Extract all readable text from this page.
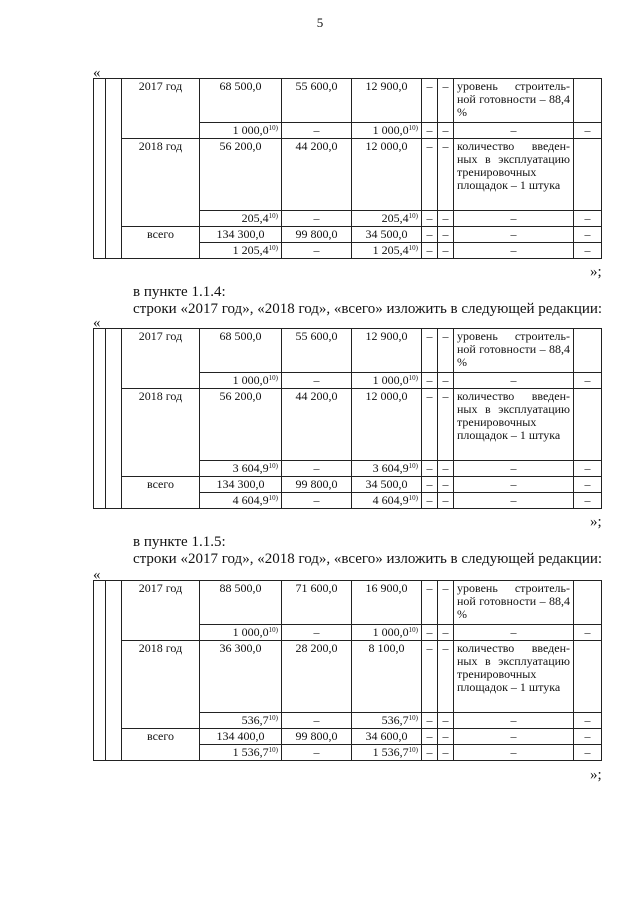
5
«
		2017 год	68 500,0	55 600,0	12 900,0	–	–	уровень строительной готовности – 88,4 %	
			1 000,0$^{10)}$	–	1 000,0$^{10)}$	–	–	–	–
		2018 год	56 200,0	44 200,0	12 000,0	–	–	количество введенных в эксплуатацию тренировочных площадок – 1 штука	
			205,4$^{10)}$	–	205,4$^{10)}$	–	–	–	–
		всего	134 300,0	99 800,0	34 500,0	–	–	–	–
			1 205,4$^{10)}$	–	1 205,4$^{10)}$	–	–	–	–
»;
в пункте 1.1.4:
строки «2017 год», «2018 год», «всего» изложить в следующей редакции:
«
		2017 год	68 500,0	55 600,0	12 900,0	–	–	уровень строительной готовности – 88,4 %	
			1 000,0$^{10)}$	–	1 000,0$^{10)}$	–	–	–	–
		2018 год	56 200,0	44 200,0	12 000,0	–	–	количество введенных в эксплуатацию тренировочных площадок – 1 штука	
			3 604,9$^{10)}$	–	3 604,9$^{10)}$	–	–	–	–
		всего	134 300,0	99 800,0	34 500,0	–	–	–	–
			4 604,9$^{10)}$	–	4 604,9$^{10)}$	–	–	–	–
»;
в пункте 1.1.5:
строки «2017 год», «2018 год», «всего» изложить в следующей редакции:
«
		2017 год	88 500,0	71 600,0	16 900,0	–	–	уровень строительной готовности – 88,4 %	
			1 000,0$^{10)}$	–	1 000,0$^{10)}$	–	–	–	–
		2018 год	36 300,0	28 200,0	8 100,0	–	–	количество введенных в эксплуатацию тренировочных площадок – 1 штука	
			536,7$^{10)}$	–	536,7$^{10)}$	–	–	–	–
		всего	134 400,0	99 800,0	34 600,0	–	–	–	–
			1 536,7$^{10)}$	–	1 536,7$^{10)}$	–	–	–	–
»;
